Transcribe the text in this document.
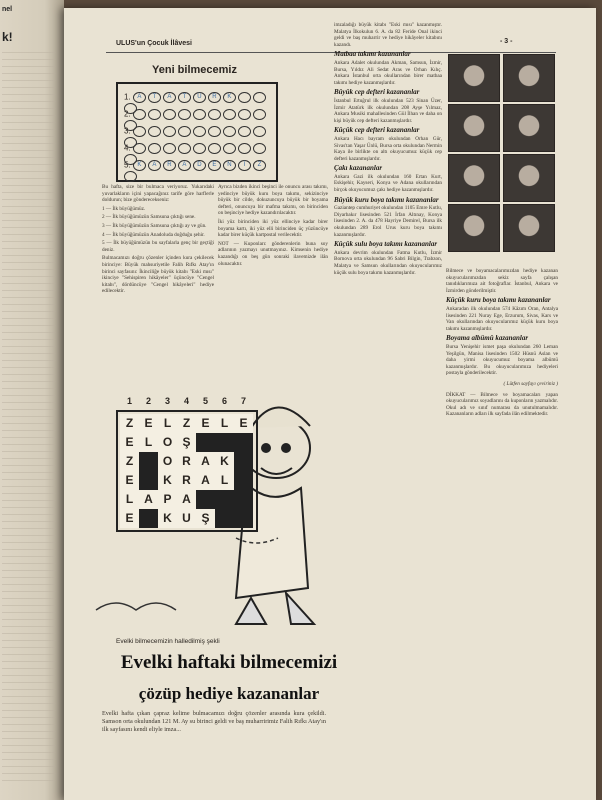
nel
k!	ULUS'un Çocuk İlâvesi	- 3 -
Yeni bilmecemiz
1. A T A T Ü R K
2.
3.
4.
5. K A R A D E N İ Z
Bu hafta, size bir bulmaca veriyoruz. Yukarıdaki yuvarlakların içini yapacağınız tarife göre harflerle doldurun; bize gönderecekseniz:
1 — İlk büyüğümüz.
2 — İlk büyüğümüzün Samsuna çıktığı sene.
3 — İlk büyüğümüzün Samsuna çıktığı ay ve gün.
4 — İlk büyüğümüzün Anadoluda doğduğu şehir.
5 — İlk büyüğümüzün bu sayfalarla genç bir geçtiği deniz.
Bulmacamızı doğru çözenler içinden kura çekilecek birinciye: Büyük mahsuriyetile Falih Rıfkı Atay'ın birinci sayfasını: İkinciliğe büyük kitabı "Eski mısı" ikinciye "Sehispiren hikâyeler" üçüncüye "Cengel kitabı", dördüncüye "Cengel hikâyeleri" hediye edilecektir.
Ayrıca bizden ikinci beşinci ile onuncu arası takımı, yedinciye büyük kuru boya takımı, sekizinciye büyük bir cilde, dokuzuncuya büyük bir boyama defteri, onuncuya bir mafma takımı, on birinciden on beşinciye hediye kazandırılacaktır.
İki yüz birinciden iki yüz ellinciye kadar birer boyama kartı, iki yüz elli birinciden üç yüzüncüye kadar birer küçük kartpostal verilecektir.
NOT — Kuponları: gönderenlerin buna soy adlarının yazmayı unutmayınız. Kimsenin hediye kazandığı on beş gün sonraki ilavemizde ilân olunacaktır.
1	2	3	4	5	6	7
Z E L Z E L E
E L O Ş
Z	O R A K
E	K R A L
L A P A
E	K U Ş
Evelki bilmecemizin halledilmiş şekli
Evelki haftaki bilmecemizi
çözüp hediye kazananlar
Evelki hafta çıkan çapraz kelime bulmacamızı doğru çözenler arasında kura çekildi. Samson orta okulundan 121 M. Ay su birinci geldi ve baş muharririmiz Falih Rıfkı Atay'ın ilk sayfasını kendi eliyle imza...
imzaladığı büyük kitabı "Eski mısı" kazanmıştır. Malatya İlkokulun 6. A. da 82 Feride Onal ikinci geldi ve baş muharrir ve hediye hikâyeler kitabını kazandı.
Matbaa takımı kazananlar
Ankara Adalet okulundan Akman, Samsun, İzmir, Bursa, Yıldız Ali Sedat Aras ve Orhan Kılıç. Ankara İstanbul orta okullarından birer matbaa takımı hediye kazanmışlardır.
Büyük cep defteri kazananlar
İstanbul Ertuğrul ilk okulundan 523 Sinan Üzer, İzmir Atatürk ilk okulundan 208 Ayşe Yılmaz, Ankara Musiki mahallesinden Gül İlhan ve daha on kişi büyük cep defteri kazanmışlardır.
Küçük cep defteri kazananlar
Ankara Hacı bayram okulundan Orhan Gür, Sivas'tan Yaşar Ünlü, Bursa orta okulundan Nermin Kaya ile birlikte on altı okuyucumuz küçük cep defteri kazanmışlardır.
Çakı kazananlar
Ankara Gazi ilk okulundan 160 Ertan Kurt, Eskişehir, Kayseri, Konya ve Adana okullarından birçok okuyucumuz çakı hediye kazanmışlardır.
Büyük kuru boya takımı kazananlar
Gaziantep cumhuriyet okulundan 1105 Emre Kutlu, Diyarbakır lisesinden 521 İrfan Altınay, Konya lisesinden 2. A. da 478 Hayriye Demirel, Bursa ilk okulundan 289 Erol Urus kuru boya takımı kazanmışlardır.
Küçük sulu boya takımı kazananlar
Ankara devrim okulundan Fatma Kutlu, İzmir Bornova orta okulundan 96 Sabri Bilgin, Trabzon, Malatya ve Samsun okullarından okuyucularımız küçük sulu boya takımı kazanmışlardır.	Bilmece ve boyamacalarımızdan hediye kazanan okuyucularımızdan sekiz sayfa çalışan tanıdıklarımıza ait fotoğraflar. İstanbul, Ankara ve İzmirden gönderilmiştir.
Küçük kuru boya takımı kazananlar
Ankaradan ilk okulundan 574 Kâzım Oran, Antalya lisesinden 221 Nuray Ege, Erzurum, Sivas, Kars ve Van okullarından okuyucularımız küçük kuru boya takımı kazanmışlardır.
Boyama albümü kazananlar
Bursa Yenişehir ismet paşa okulundan 260 Leman Yeşilgün, Manisa lisesinden 1502 Hüsnü Aslan ve daha yirmi okuyucumuz boyama albümü kazanmışlardır. Bu okuyucularımıza hediyeleri postayla gönderilecektir.
( Lütfen sayfayı çeviriniz )
DİKKAT — Bilmece ve boyamacaları yapan okuyucularımız soyadlarını da kuponların yazmalıdır. Okul adı ve sınıf numarası da unutulmamalıdır. Kazananların adları ilk sayfada ilân edilmektedir.
